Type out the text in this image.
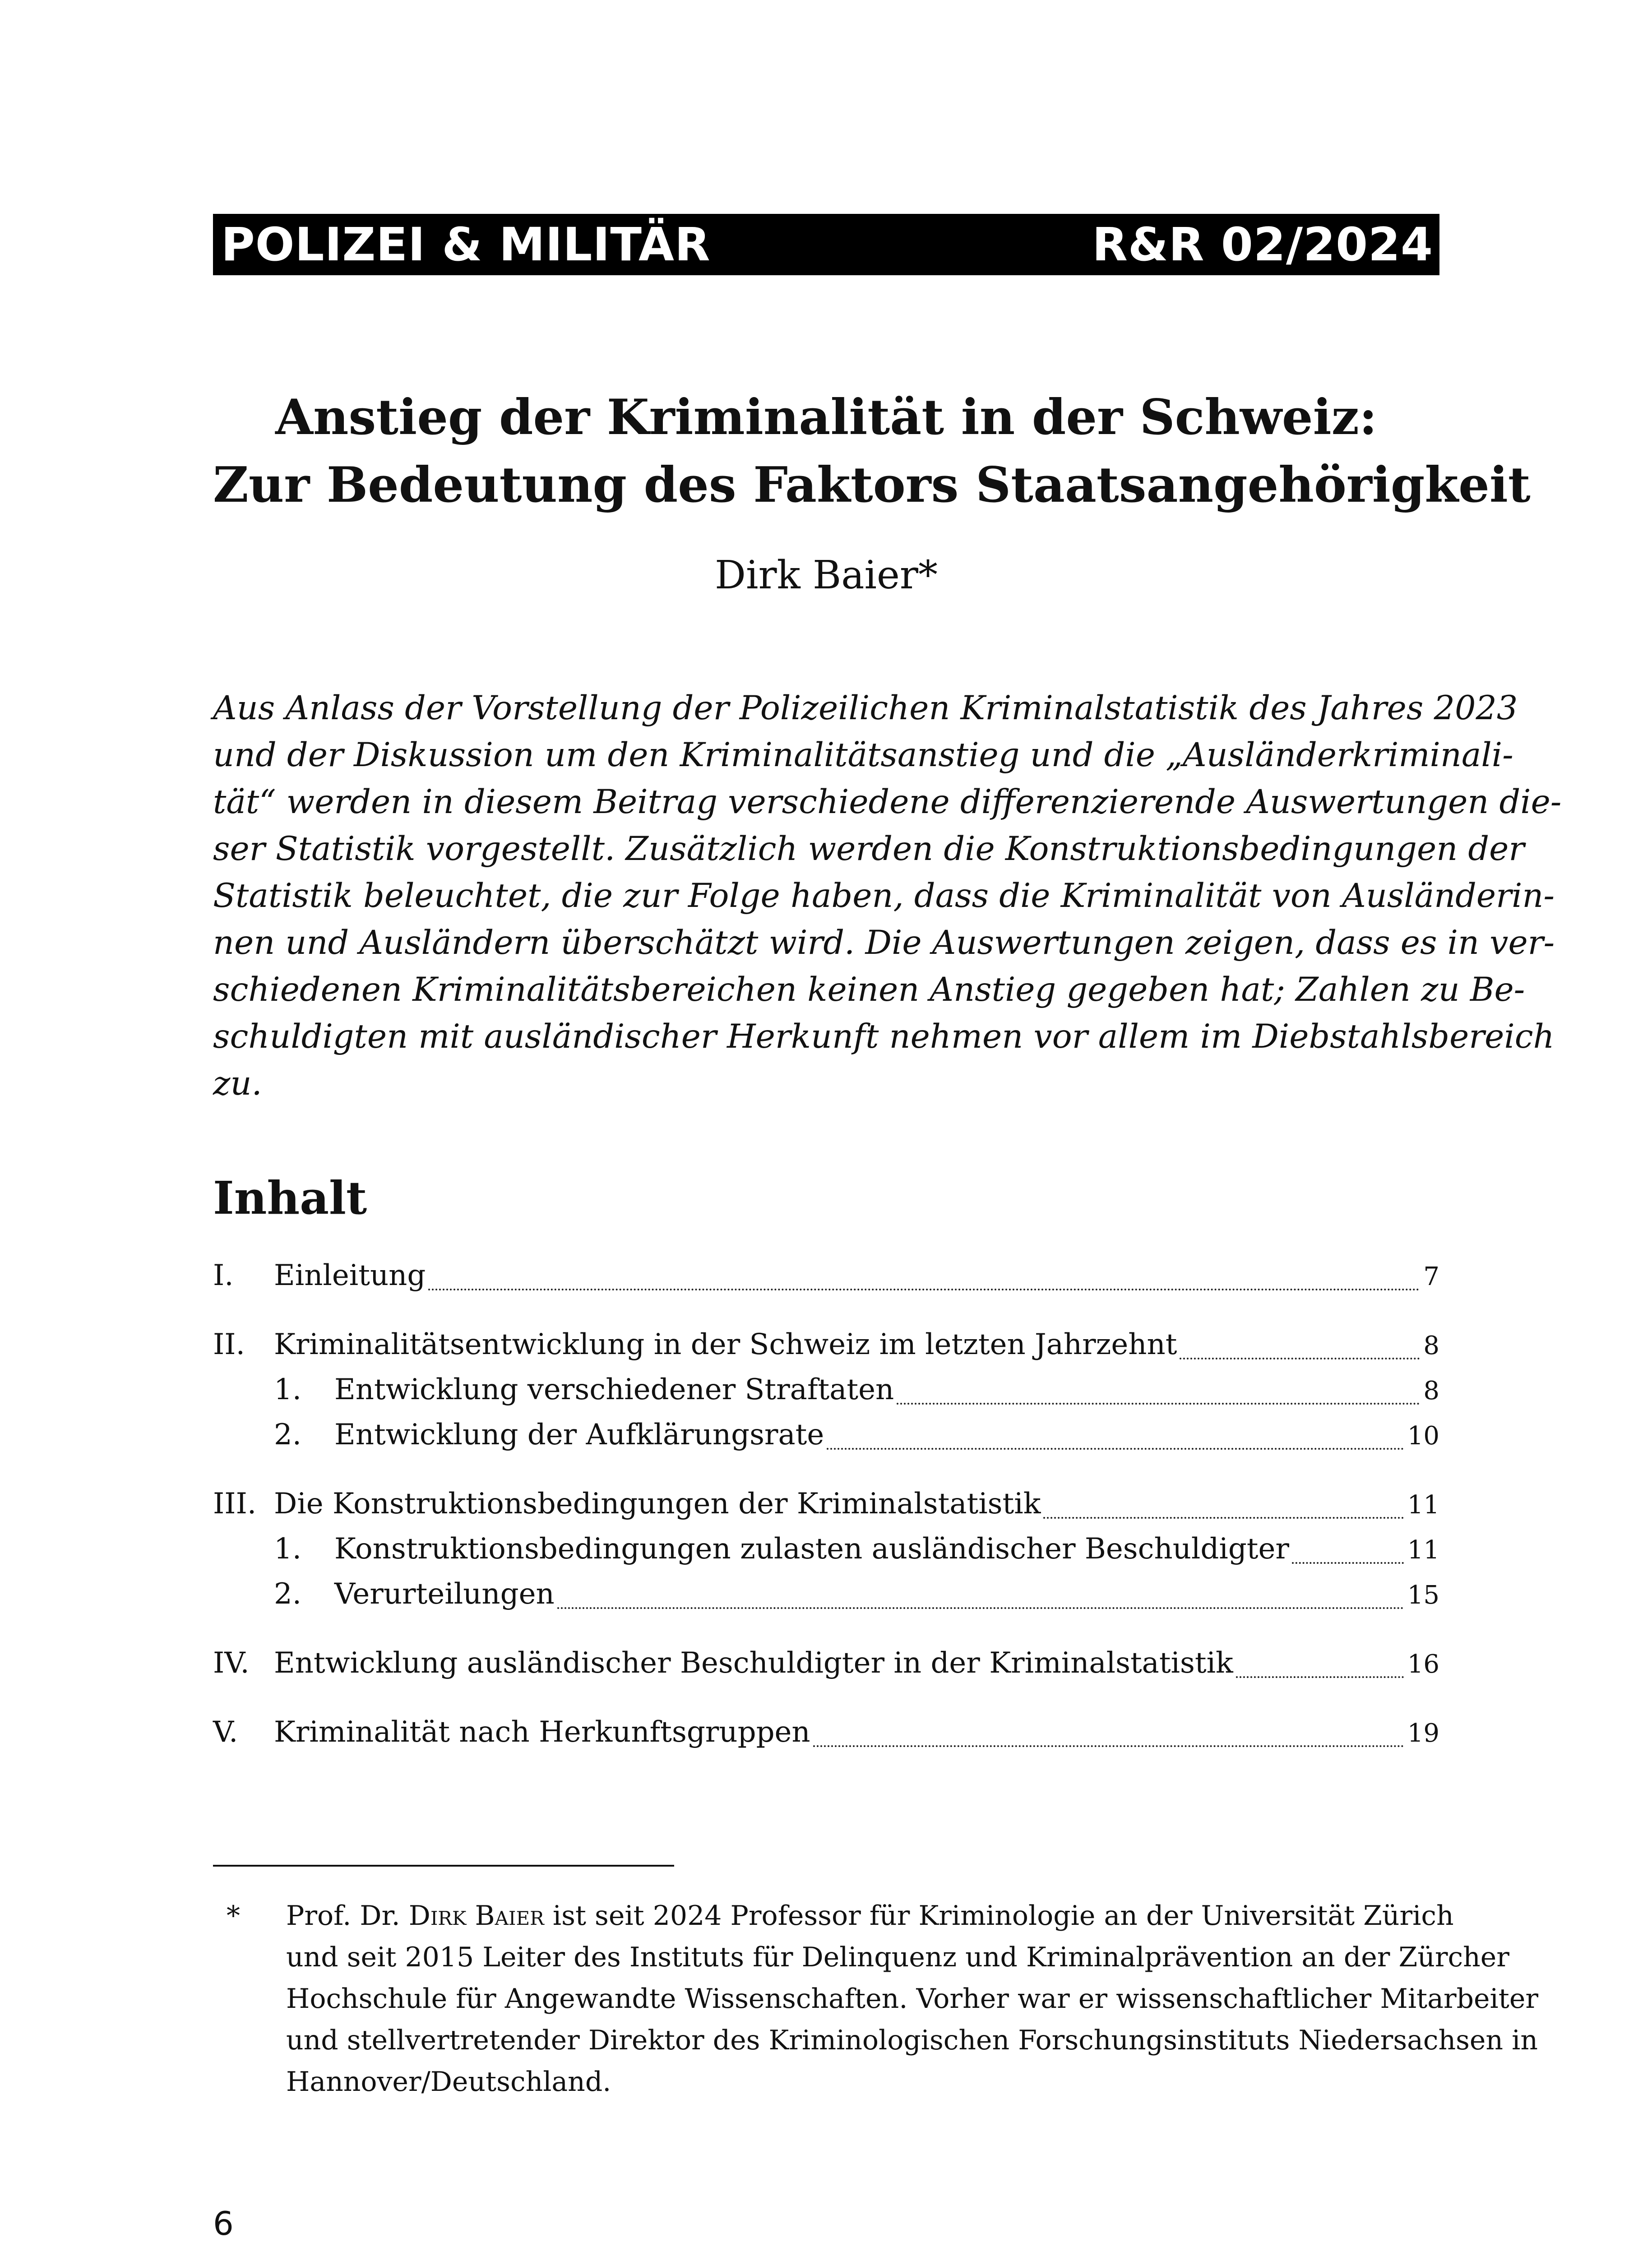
POLIZEI & MILITÄR	R&R 02/2024
Anstieg der Kriminalität in der Schweiz:
Zur Bedeutung des Faktors Staatsangehörigkeit
Dirk Baier*
Aus Anlass der Vorstellung der Polizeilichen Kriminalstatistik des Jahres 2023
und der Diskussion um den Kriminalitätsanstieg und die „Ausländerkriminali-
tät“ werden in diesem Beitrag verschiedene differenzierende Auswertungen die-
ser Statistik vorgestellt. Zusätzlich werden die Konstruktionsbedingungen der
Statistik beleuchtet, die zur Folge haben, dass die Kriminalität von Ausländerin-
nen und Ausländern überschätzt wird. Die Auswertungen zeigen, dass es in ver-
schiedenen Kriminalitätsbereichen keinen Anstieg gegeben hat; Zahlen zu Be-
schuldigten mit ausländischer Herkunft nehmen vor allem im Diebstahlsbereich
zu.
Inhalt
I.	Einleitung	7
II.	Kriminalitätsentwicklung in der Schweiz im letzten Jahrzehnt	8
1.	Entwicklung verschiedener Straftaten	8
2.	Entwicklung der Aufklärungsrate	10
III. Die Konstruktionsbedingungen der Kriminalstatistik	11
1.	Konstruktionsbedingungen zulasten ausländischer Beschuldigter	11
2.	Verurteilungen	15
IV. Entwicklung ausländischer Beschuldigter in der Kriminalstatistik	16
V.	Kriminalität nach Herkunftsgruppen	19
* Prof. Dr. Dirk Baier ist seit 2024 Professor für Kriminologie an der Universität Zürich
und seit 2015 Leiter des Instituts für Delinquenz und Kriminalprävention an der Zürcher
Hochschule für Angewandte Wissenschaften. Vorher war er wissenschaftlicher Mitarbeiter
und stellvertretender Direktor des Kriminologischen Forschungsinstituts Niedersachsen in
Hannover/Deutschland.
6
